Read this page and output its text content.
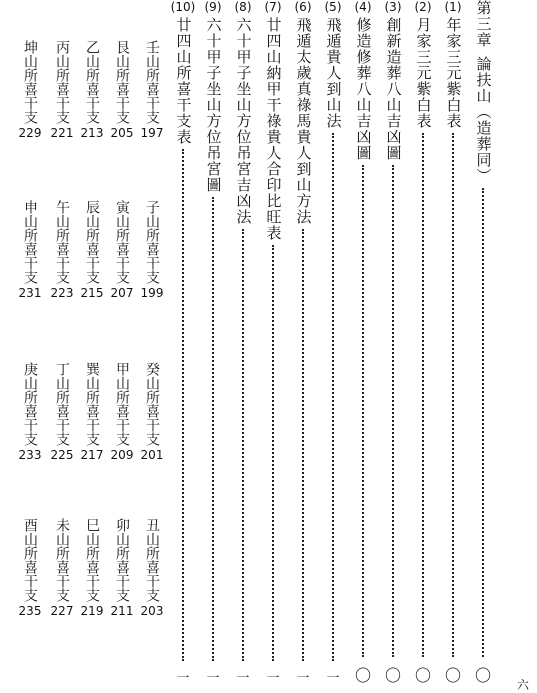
第三章
論扶山（造葬同）
〇
(1)
年家三元紫白表
〇
(2)
月家三元紫白表
〇
(3)
創新造葬八山吉凶圖
〇
(4)
修造修葬八山吉凶圖
〇
(5)
飛遁貴人到山法
一
(6)
飛遁太歲真祿馬貴人到山方法
一
(7)
廿四山納甲干祿貴人合印比旺表
一
(8)
六十甲子坐山方位吊宮吉凶法
一
(9)
六十甲子坐山方位吊宮圖
一
(10)
廿四山所喜干支表
一
壬山所喜干支
197
艮山所喜干支
205
乙山所喜干支
213
丙山所喜干支
221
坤山所喜干支
229
子山所喜干支
199
寅山所喜干支
207
辰山所喜干支
215
午山所喜干支
223
申山所喜干支
231
癸山所喜干支
201
甲山所喜干支
209
巽山所喜干支
217
丁山所喜干支
225
庚山所喜干支
233
丑山所喜干支
203
卯山所喜干支
211
巳山所喜干支
219
未山所喜干支
227
酉山所喜干支
235
六
